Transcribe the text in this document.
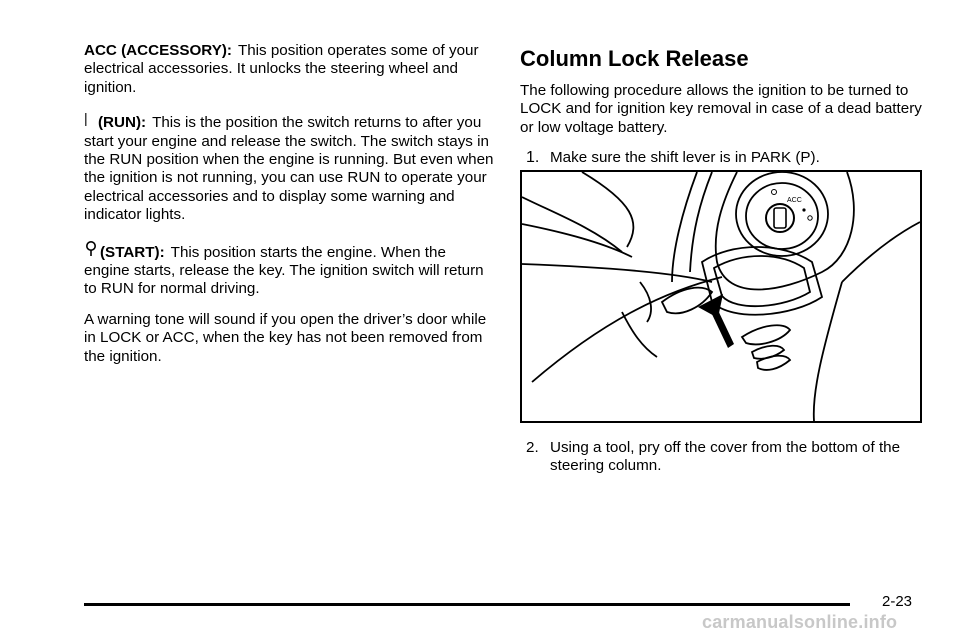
ACC (ACCESSORY): This position operates some of your electrical accessories. It unlocks the steering wheel and ignition.

| (RUN): This is the position the switch returns to after you start your engine and release the switch. The switch stays in the RUN position when the engine is running. But even when the ignition is not running, you can use RUN to operate your electrical accessories and to display some warning and indicator lights.

(START): This position starts the engine. When the engine starts, release the key. The ignition switch will return to RUN for normal driving.

A warning tone will sound if you open the driver’s door while in LOCK or ACC, when the key has not been removed from the ignition.

Column Lock Release

The following procedure allows the ignition to be turned to LOCK and for ignition key removal in case of a dead battery or low voltage battery.

1. Make sure the shift lever is in PARK (P).
ACC
2. Using a tool, pry off the cover from the bottom of the steering column.
2-23
carmanualsonline.info
